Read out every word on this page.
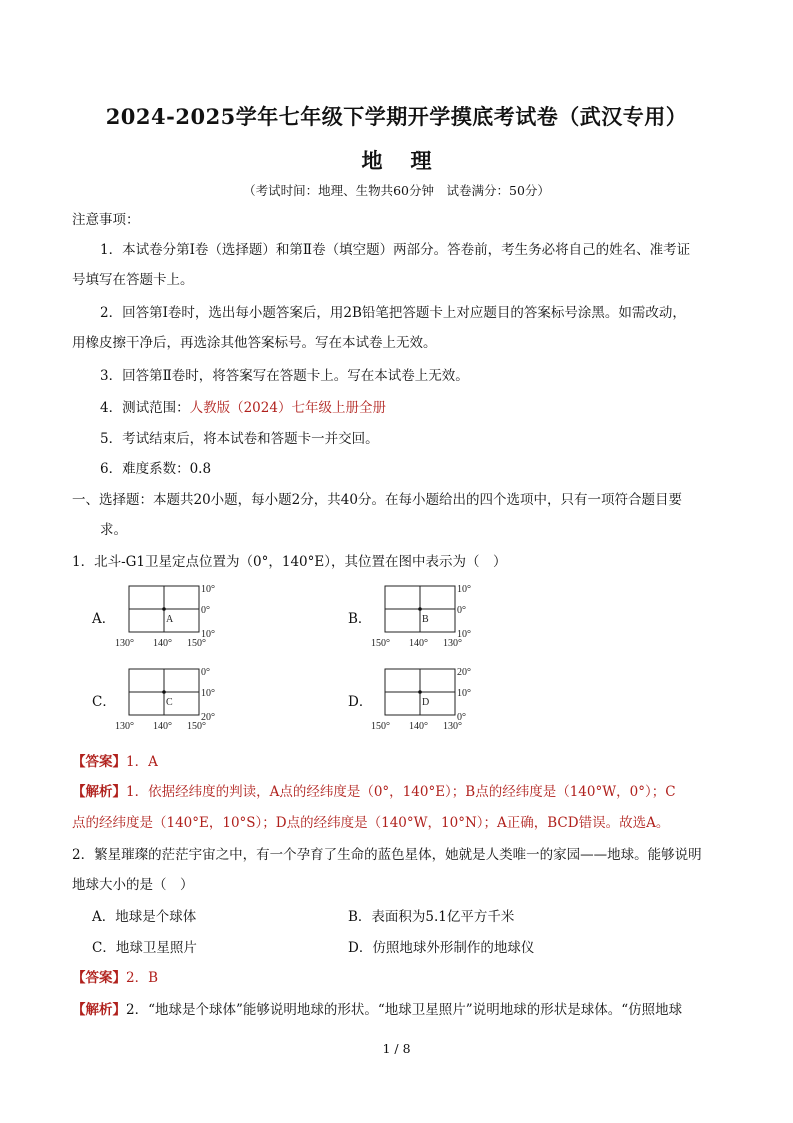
2024-2025学年七年级下学期开学摸底考试卷（武汉专用）
地理
（考试时间：地理、生物共60分钟　试卷满分：50分）
注意事项：
1．本试卷分第Ⅰ卷（选择题）和第Ⅱ卷（填空题）两部分。答卷前，考生务必将自己的姓名、准考证
号填写在答题卡上。
2．回答第Ⅰ卷时，选出每小题答案后，用2B铅笔把答题卡上对应题目的答案标号涂黑。如需改动，
用橡皮擦干净后，再选涂其他答案标号。写在本试卷上无效。
3．回答第Ⅱ卷时，将答案写在答题卡上。写在本试卷上无效。
4．测试范围：人教版（2024）七年级上册全册
5．考试结束后，将本试卷和答题卡一并交回。
6．难度系数：0.8
一、选择题：本题共20小题，每小题2分，共40分。在每小题给出的四个选项中，只有一项符合题目要
求。
1．北斗-G1卫星定点位置为（0°，140°E），其位置在图中表示为（　）
A．	B．
C．	D．
A
10°
0°
10°
130° 140° 150°
B
10°
0°
10°
150° 140° 130°
C
0°
10°
20°
130° 140° 150°
D
20°
10°
0°
150° 140° 130°
【答案】1．A
【解析】1．依据经纬度的判读，A点的经纬度是（0°，140°E）；B点的经纬度是（140°W，0°）；C
点的经纬度是（140°E，10°S）；D点的经纬度是（140°W，10°N）；A正确，BCD错误。故选A。
2．繁星璀璨的茫茫宇宙之中，有一个孕育了生命的蓝色星体，她就是人类唯一的家园——地球。能够说明
地球大小的是（　）
A．地球是个球体	B．表面积为5.1亿平方千米
C．地球卫星照片	D．仿照地球外形制作的地球仪
【答案】2．B
【解析】2．“地球是个球体”能够说明地球的形状。“地球卫星照片”说明地球的形状是球体。“仿照地球
1 / 8
